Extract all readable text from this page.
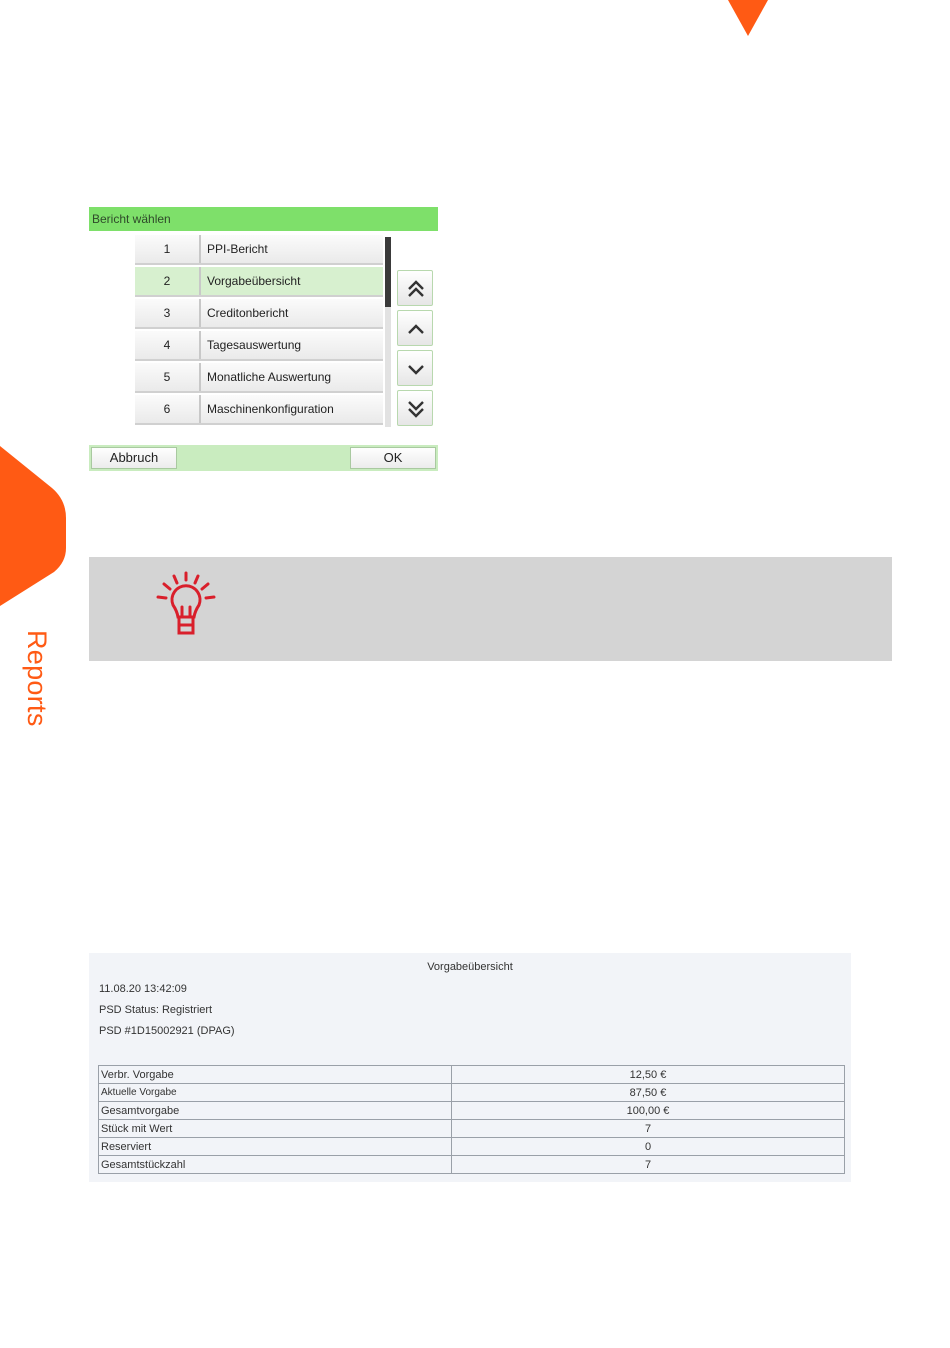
Reports
Bericht wählen
1	PPI-Bericht
2	Vorgabeübersicht
3	Creditonbericht
4	Tagesauswertung
5	Monatliche Auswertung
6	Maschinenkonfiguration
Abbruch	OK
Vorgabeübersicht
11.08.20 13:42:09
PSD Status: Registriert
PSD #1D15002921 (DPAG)
Verbr. Vorgabe	12,50 €
Aktuelle Vorgabe	87,50 €
Gesamtvorgabe	100,00 €
Stück mit Wert	7
Reserviert	0
Gesamtstückzahl	7
